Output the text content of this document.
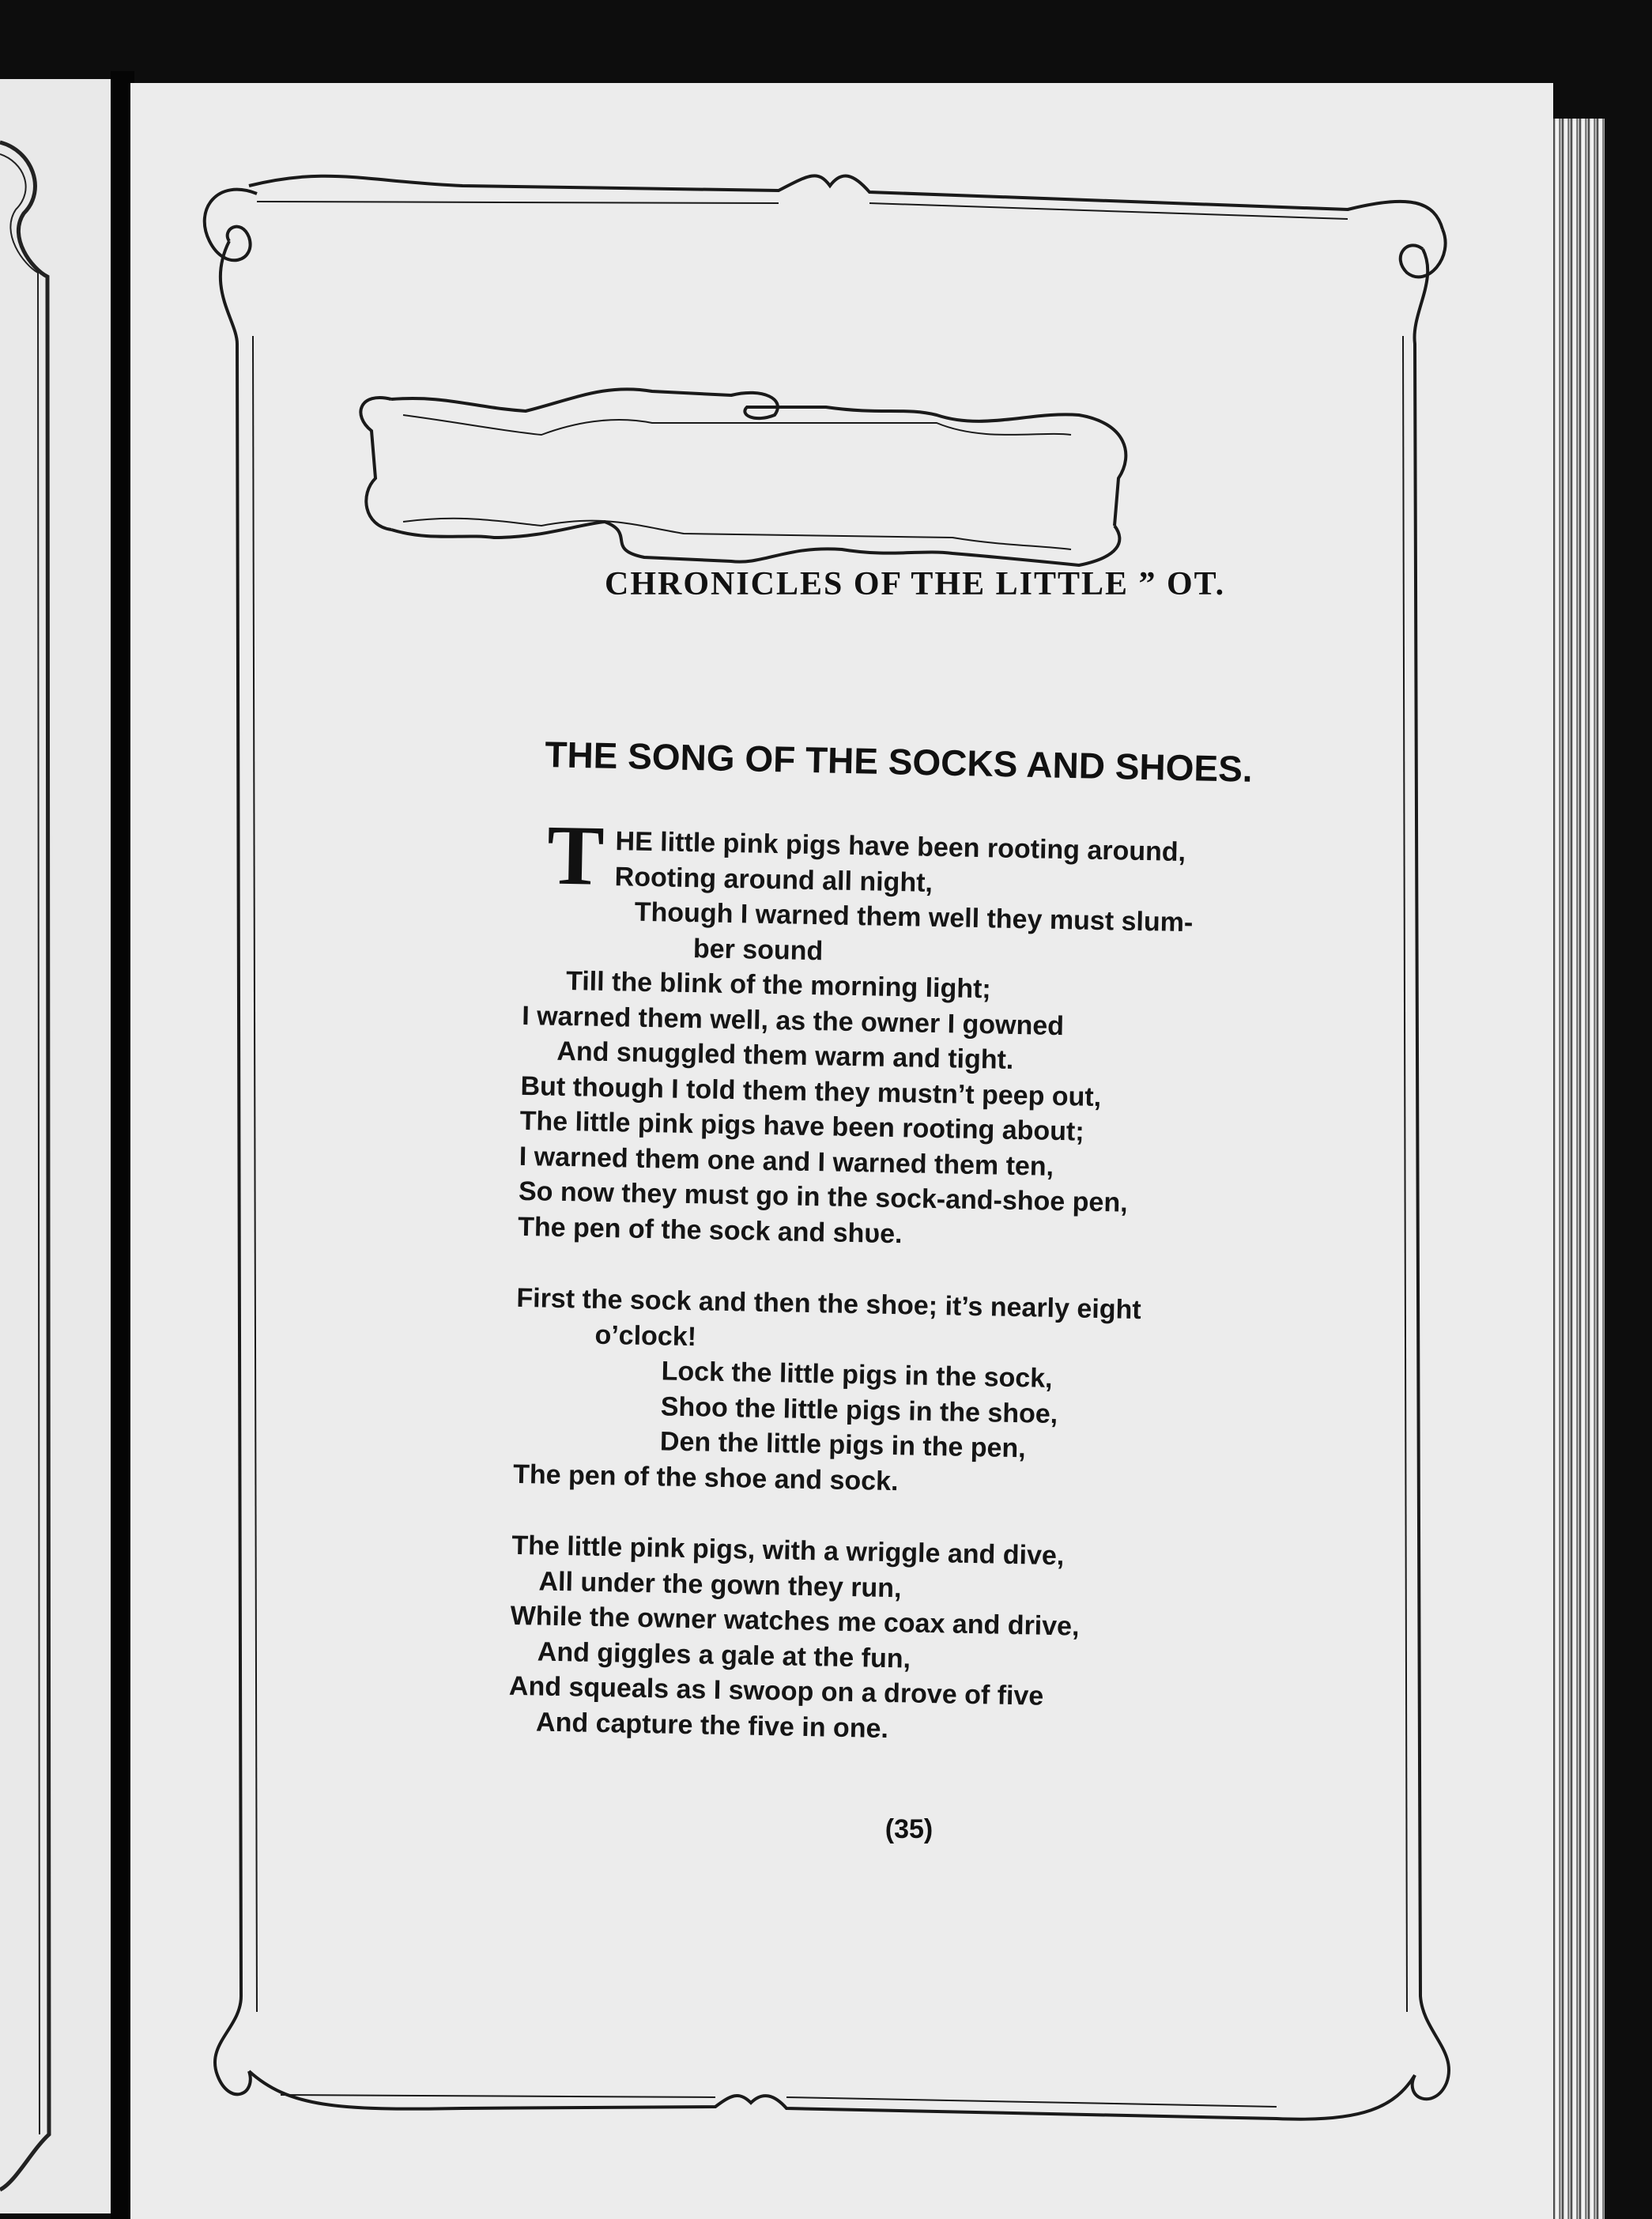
CHRONICLES OF THE LITTLE ” OT.
THE SONG OF THE SOCKS AND SHOES.
T HE little pink pigs have been rooting around,
Rooting around all night,
Though I warned them well they must slum-
ber sound
Till the blink of the morning light;
I warned them well, as the owner I gowned
And snuggled them warm and tight.
But though I told them they mustn’t peep out,
The little pink pigs have been rooting about;
I warned them one and I warned them ten,
So now they must go in the sock-and-shoe pen,
The pen of the sock and shυe.
First the sock and then the shoe; it’s nearly eight
o’clock!
Lock the little pigs in the sock,
Shoo the little pigs in the shoe,
Den the little pigs in the pen,
The pen of the shoe and sock.
The little pink pigs, with a wriggle and dive,
All under the gown they run,
While the owner watches me coax and drive,
And giggles a gale at the fun,
And squeals as I swoop on a drove of five
And capture the five in one.
(35)
